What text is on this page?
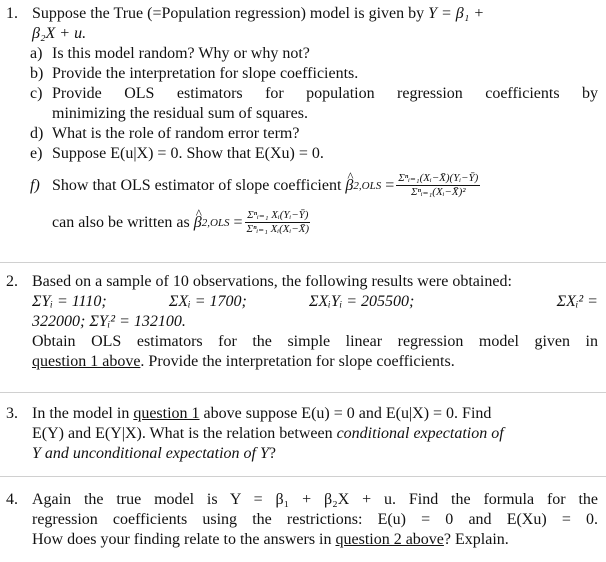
1. Suppose the True (=Population regression) model is given by Y = β₁ +
β₂X + u.
a) Is this model random? Why or why not?
b) Provide the interpretation for slope coefficients.
c) Provide OLS estimators for population regression coefficients by
minimizing the residual sum of squares.
d) What is the role of random error term?
e) Suppose E(u|X) = 0. Show that E(Xu) = 0.
f) Show that OLS estimator of slope coefficient
^ β 2,OLS
= $\frac{\text{Σⁿᵢ₌₁(Xᵢ−X̄)(Yᵢ−Ȳ)}}{\text{Σⁿᵢ₌₁(Xᵢ−X̄)²}}$
can also be written as
^ β 2,OLS
= $\frac{\text{Σⁿᵢ₌₁ Xᵢ(Yᵢ−Ȳ)}}{\text{Σⁿᵢ₌₁ Xᵢ(Xᵢ−X̄)}}$
2. Based on a sample of 10 observations, the following results were obtained:
ΣYᵢ = 1110;	ΣXᵢ = 1700;	ΣXᵢYᵢ = 205500;	ΣXᵢ² =
322000; ΣYᵢ² = 132100.
Obtain OLS estimators for the simple linear regression model given in
question 1 above. Provide the interpretation for slope coefficients.
3. In the model in question 1 above suppose E(u) = 0 and E(u|X) = 0. Find
E(Y) and E(Y|X). What is the relation between conditional expectation of
Y and unconditional expectation of Y?
4. Again the true model is Y = β₁ + β₂X + u. Find the formula for the
regression coefficients using the restrictions: E(u) = 0 and E(Xu) = 0.
How does your finding relate to the answers in question 2 above? Explain.
